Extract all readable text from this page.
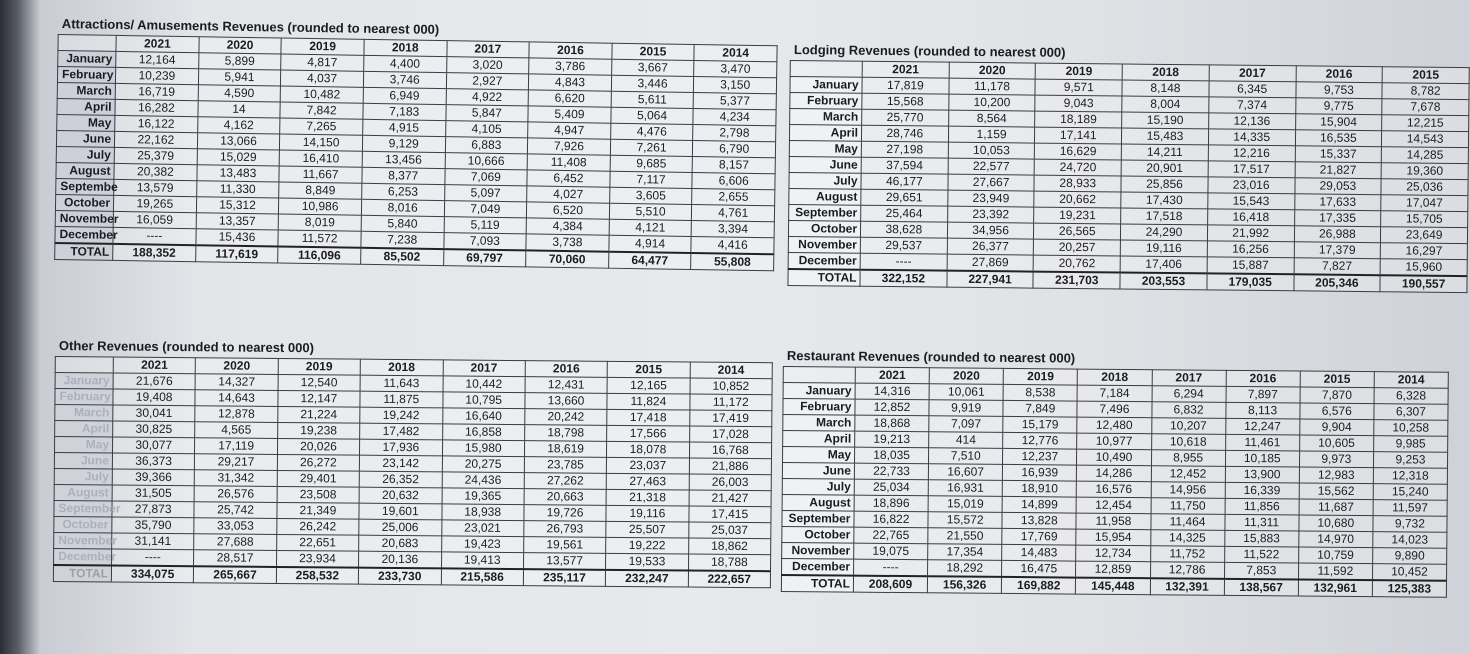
Attractions/ Amusements Revenues (rounded to nearest 000)
	2021	2020	2019	2018	2017	2016	2015	2014
January	12,164	5,899	4,817	4,400	3,020	3,786	3,667	3,470
February	10,239	5,941	4,037	3,746	2,927	4,843	3,446	3,150
March	16,719	4,590	10,482	6,949	4,922	6,620	5,611	5,377
April	16,282	14	7,842	7,183	5,847	5,409	5,064	4,234
May	16,122	4,162	7,265	4,915	4,105	4,947	4,476	2,798
June	22,162	13,066	14,150	9,129	6,883	7,926	7,261	6,790
July	25,379	15,029	16,410	13,456	10,666	11,408	9,685	8,157
August	20,382	13,483	11,667	8,377	7,069	6,452	7,117	6,606
Septembe	13,579	11,330	8,849	6,253	5,097	4,027	3,605	2,655
October	19,265	15,312	10,986	8,016	7,049	6,520	5,510	4,761
November	16,059	13,357	8,019	5,840	5,119	4,384	4,121	3,394
December	----	15,436	11,572	7,238	7,093	3,738	4,914	4,416
TOTAL	188,352	117,619	116,096	85,502	69,797	70,060	64,477	55,808
Lodging Revenues (rounded to nearest 000)
	2021	2020	2019	2018	2017	2016	2015
January	17,819	11,178	9,571	8,148	6,345	9,753	8,782
February	15,568	10,200	9,043	8,004	7,374	9,775	7,678
March	25,770	8,564	18,189	15,190	12,136	15,904	12,215
April	28,746	1,159	17,141	15,483	14,335	16,535	14,543
May	27,198	10,053	16,629	14,211	12,216	15,337	14,285
June	37,594	22,577	24,720	20,901	17,517	21,827	19,360
July	46,177	27,667	28,933	25,856	23,016	29,053	25,036
August	29,651	23,949	20,662	17,430	15,543	17,633	17,047
September	25,464	23,392	19,231	17,518	16,418	17,335	15,705
October	38,628	34,956	26,565	24,290	21,992	26,988	23,649
November	29,537	26,377	20,257	19,116	16,256	17,379	16,297
December	----	27,869	20,762	17,406	15,887	7,827	15,960
TOTAL	322,152	227,941	231,703	203,553	179,035	205,346	190,557
Other Revenues (rounded to nearest 000)
	2021	2020	2019	2018	2017	2016	2015	2014
January	21,676	14,327	12,540	11,643	10,442	12,431	12,165	10,852
February	19,408	14,643	12,147	11,875	10,795	13,660	11,824	11,172
March	30,041	12,878	21,224	19,242	16,640	20,242	17,418	17,419
April	30,825	4,565	19,238	17,482	16,858	18,798	17,566	17,028
May	30,077	17,119	20,026	17,936	15,980	18,619	18,078	16,768
June	36,373	29,217	26,272	23,142	20,275	23,785	23,037	21,886
July	39,366	31,342	29,401	26,352	24,436	27,262	27,463	26,003
August	31,505	26,576	23,508	20,632	19,365	20,663	21,318	21,427
September	27,873	25,742	21,349	19,601	18,938	19,726	19,116	17,415
October	35,790	33,053	26,242	25,006	23,021	26,793	25,507	25,037
November	31,141	27,688	22,651	20,683	19,423	19,561	19,222	18,862
December	----	28,517	23,934	20,136	19,413	13,577	19,533	18,788
TOTAL	334,075	265,667	258,532	233,730	215,586	235,117	232,247	222,657
Restaurant Revenues (rounded to nearest 000)
	2021	2020	2019	2018	2017	2016	2015	2014
January	14,316	10,061	8,538	7,184	6,294	7,897	7,870	6,328
February	12,852	9,919	7,849	7,496	6,832	8,113	6,576	6,307
March	18,868	7,097	15,179	12,480	10,207	12,247	9,904	10,258
April	19,213	414	12,776	10,977	10,618	11,461	10,605	9,985
May	18,035	7,510	12,237	10,490	8,955	10,185	9,973	9,253
June	22,733	16,607	16,939	14,286	12,452	13,900	12,983	12,318
July	25,034	16,931	18,910	16,576	14,956	16,339	15,562	15,240
August	18,896	15,019	14,899	12,454	11,750	11,856	11,687	11,597
September	16,822	15,572	13,828	11,958	11,464	11,311	10,680	9,732
October	22,765	21,550	17,769	15,954	14,325	15,883	14,970	14,023
November	19,075	17,354	14,483	12,734	11,752	11,522	10,759	9,890
December	----	18,292	16,475	12,859	12,786	7,853	11,592	10,452
TOTAL	208,609	156,326	169,882	145,448	132,391	138,567	132,961	125,383
